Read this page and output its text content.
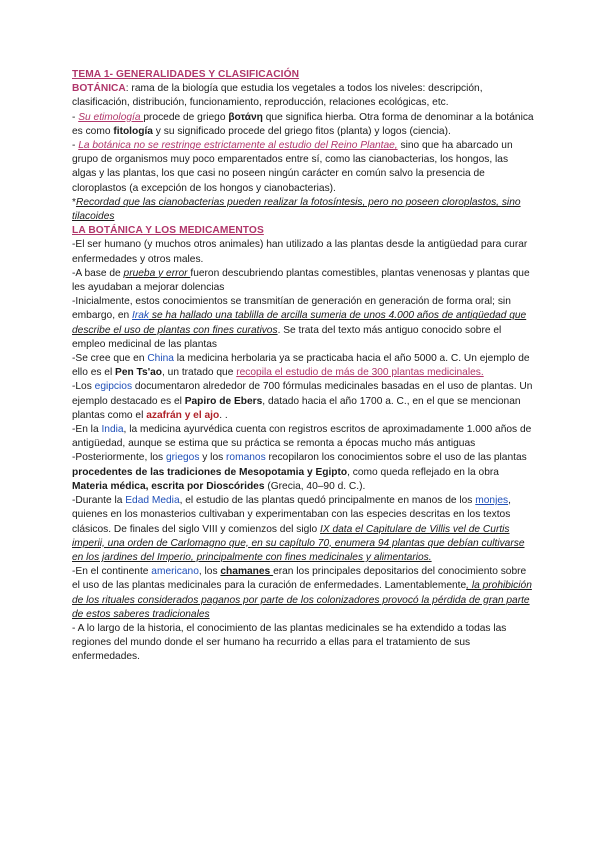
TEMA 1- GENERALIDADES Y CLASIFICACIÓN

BOTÁNICA: rama de la biología que estudia los vegetales a todos los niveles: descripción, clasificación, distribución, funcionamiento, reproducción, relaciones ecológicas, etc.

- Su etimología procede de griego βοτάνη que significa hierba. Otra forma de denominar a la botánica es como fitología y su significado procede del griego fitos (planta) y logos (ciencia).

- La botánica no se restringe estrictamente al estudio del Reino Plantae, sino que ha abarcado un grupo de organismos muy poco emparentados entre sí, como las cianobacterias, los hongos, las algas y las plantas, los que casi no poseen ningún carácter en común salvo la presencia de cloroplastos (a excepción de los hongos y cianobacterias).

*Recordad que las cianobacterias pueden realizar la fotosíntesis, pero no poseen cloroplastos, sino tilacoides

LA BOTÁNICA Y LOS MEDICAMENTOS

-El ser humano (y muchos otros animales) han utilizado a las plantas desde la antigüedad para curar enfermedades y otros males.

-A base de prueba y error fueron descubriendo plantas comestibles, plantas venenosas y plantas que les ayudaban a mejorar dolencias

-Inicialmente, estos conocimientos se transmitían de generación en generación de forma oral; sin embargo, en Irak se ha hallado una tablilla de arcilla sumeria de unos 4.000 años de antigüedad que describe el uso de plantas con fines curativos. Se trata del texto más antiguo conocido sobre el empleo medicinal de las plantas

-Se cree que en China la medicina herbolaria ya se practicaba hacia el año 5000 a. C. Un ejemplo de ello es el Pen Ts'ao, un tratado que recopila el estudio de más de 300 plantas medicinales.

-Los egipcios documentaron alrededor de 700 fórmulas medicinales basadas en el uso de plantas. Un ejemplo destacado es el Papiro de Ebers, datado hacia el año 1700 a. C., en el que se mencionan plantas como el azafrán y el ajo. .

-En la India, la medicina ayurvédica cuenta con registros escritos de aproximadamente 1.000 años de antigüedad, aunque se estima que su práctica se remonta a épocas mucho más antiguas

-Posteriormente, los griegos y los romanos recopilaron los conocimientos sobre el uso de las plantas procedentes de las tradiciones de Mesopotamia y Egipto, como queda reflejado en la obra Materia médica, escrita por Dioscórides (Grecia, 40–90 d. C.).

-Durante la Edad Media, el estudio de las plantas quedó principalmente en manos de los monjes, quienes en los monasterios cultivaban y experimentaban con las especies descritas en los textos clásicos. De finales del siglo VIII y comienzos del siglo IX data el Capitulare de Villis vel de Curtis imperii, una orden de Carlomagno que, en su capítulo 70, enumera 94 plantas que debían cultivarse en los jardines del Imperio, principalmente con fines medicinales y alimentarios.

-En el continente americano, los chamanes eran los principales depositarios del conocimiento sobre el uso de las plantas medicinales para la curación de enfermedades. Lamentablemente, la prohibición de los rituales considerados paganos por parte de los colonizadores provocó la pérdida de gran parte de estos saberes tradicionales

- A lo largo de la historia, el conocimiento de las plantas medicinales se ha extendido a todas las regiones del mundo donde el ser humano ha recurrido a ellas para el tratamiento de sus enfermedades.
